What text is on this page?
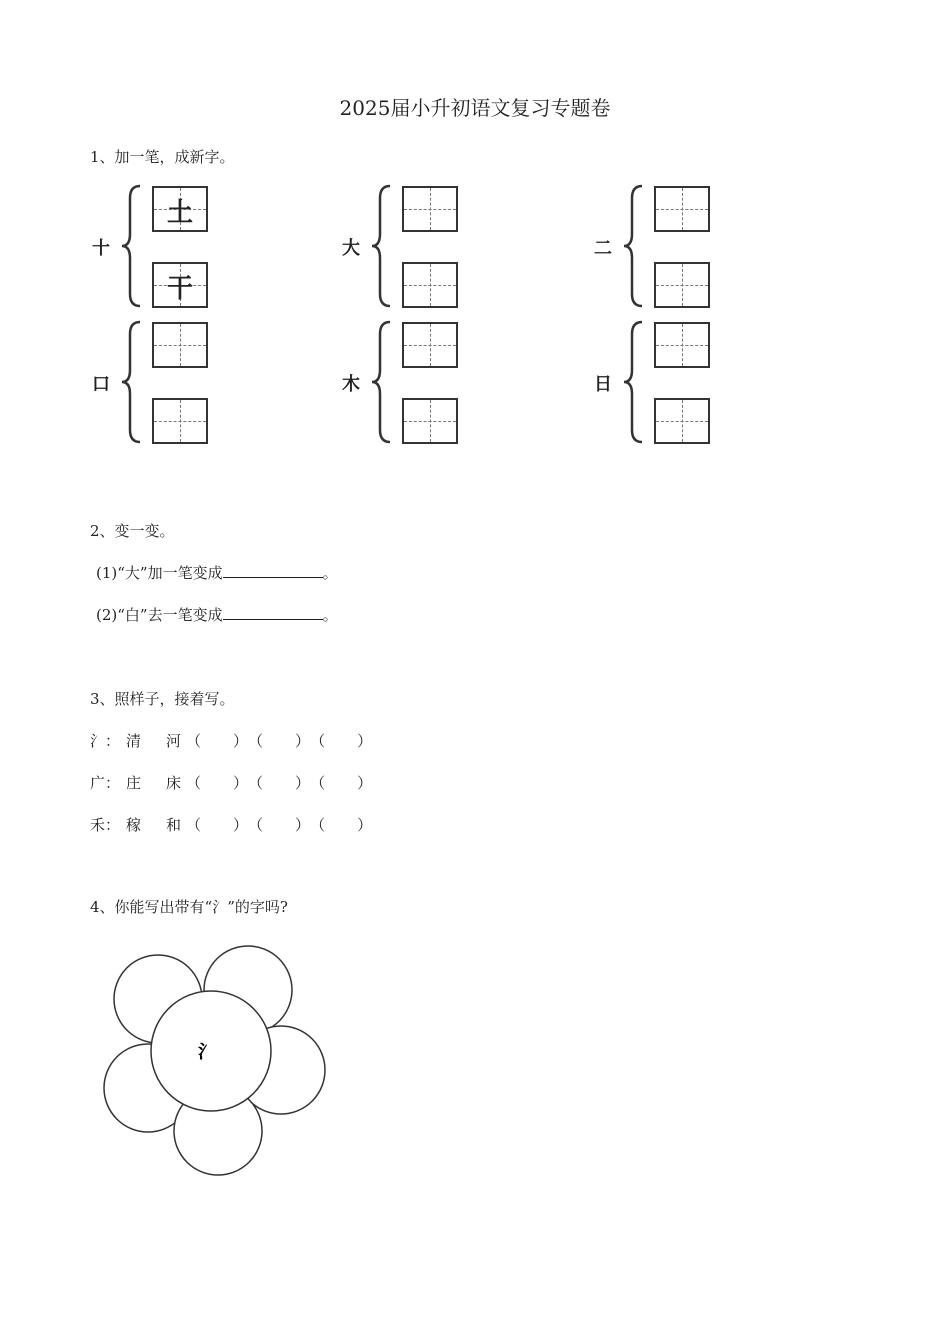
2025届小升初语文复习专题卷
1、加一笔，成新字。
十
土
干
大	二
口	木	日
2、变一变。
(1)“大”加一笔变成	。
(2)“白”去一笔变成	。
3、照样子，接着写。
氵： 清 河 （ ）（ ）（ ）
广： 庄 床 （ ）（ ）（ ）
禾： 稼 和 （ ）（ ）（ ）
4、你能写出带有“氵”的字吗?
氵
